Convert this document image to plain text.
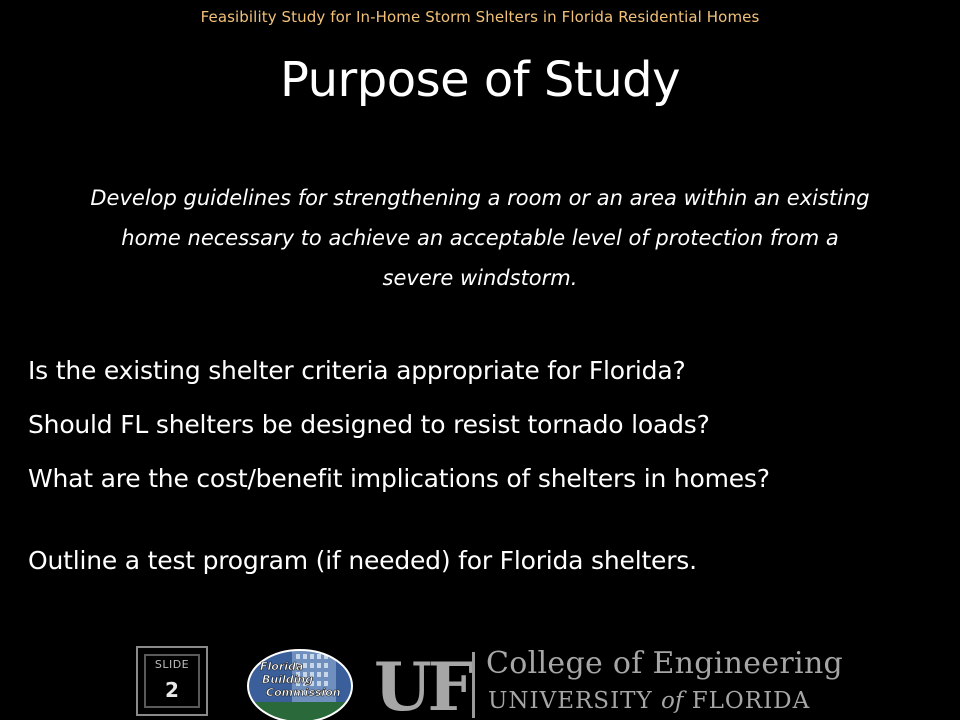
Feasibility Study for In-Home Storm Shelters in Florida Residential Homes
Purpose of Study
Develop guidelines for strengthening a room or an area within an existing home necessary to achieve an acceptable level of protection from a severe windstorm.
Is the existing shelter criteria appropriate for Florida?
Should FL shelters be designed to resist tornado loads?
What are the cost/benefit implications of shelters in homes?
Outline a test program (if needed) for Florida shelters.
SLIDE
2
Florida
Building
Commission UF College of Engineering
UNIVERSITY of FLORIDA
